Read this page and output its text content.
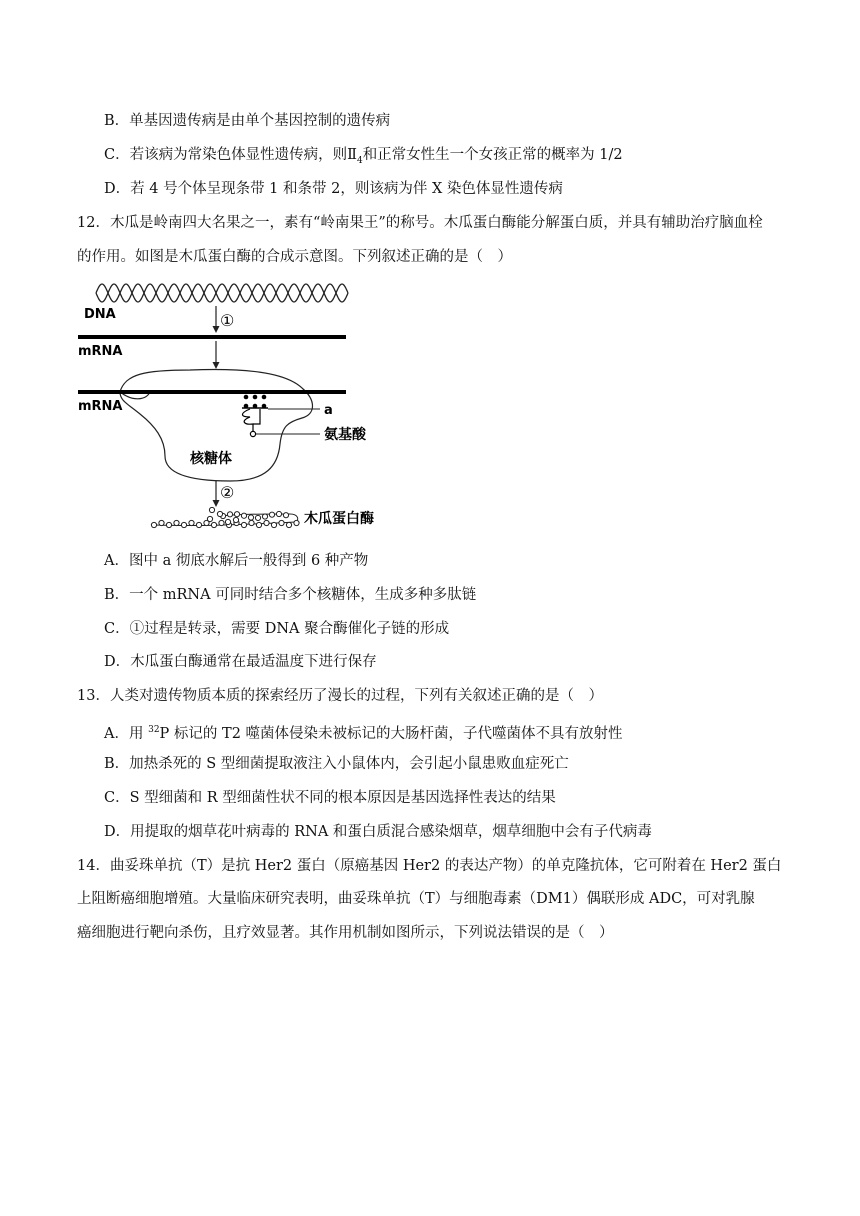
B．单基因遗传病是由单个基因控制的遗传病
C．若该病为常染色体显性遗传病，则$Ⅱ_4$和正常女性生一个女孩正常的概率为 1/2
D．若 4 号个体呈现条带 1 和条带 2，则该病为伴 X 染色体显性遗传病
12．木瓜是岭南四大名果之一，素有“岭南果王”的称号。木瓜蛋白酶能分解蛋白质，并具有辅助治疗脑血栓
的作用。如图是木瓜蛋白酶的合成示意图。下列叙述正确的是（　）
DNA	①
mRNA
mRNA	a
氨基酸
核糖体
②
木瓜蛋白酶
A．图中 a 彻底水解后一般得到 6 种产物
B．一个 mRNA 可同时结合多个核糖体，生成多种多肽链
C．①过程是转录，需要 DNA 聚合酶催化子链的形成
D．木瓜蛋白酶通常在最适温度下进行保存
13．人类对遗传物质本质的探索经历了漫长的过程，下列有关叙述正确的是（　）
A．用 $^{32}$P 标记的 T2 噬菌体侵染未被标记的大肠杆菌，子代噬菌体不具有放射性
B．加热杀死的 S 型细菌提取液注入小鼠体内，会引起小鼠患败血症死亡
C．S 型细菌和 R 型细菌性状不同的根本原因是基因选择性表达的结果
D．用提取的烟草花叶病毒的 RNA 和蛋白质混合感染烟草，烟草细胞中会有子代病毒
14．曲妥珠单抗（T）是抗 Her2 蛋白（原癌基因 Her2 的表达产物）的单克隆抗体，它可附着在 Her2 蛋白
上阻断癌细胞增殖。大量临床研究表明，曲妥珠单抗（T）与细胞毒素（DM1）偶联形成 ADC，可对乳腺
癌细胞进行靶向杀伤，且疗效显著。其作用机制如图所示，下列说法错误的是（　）
